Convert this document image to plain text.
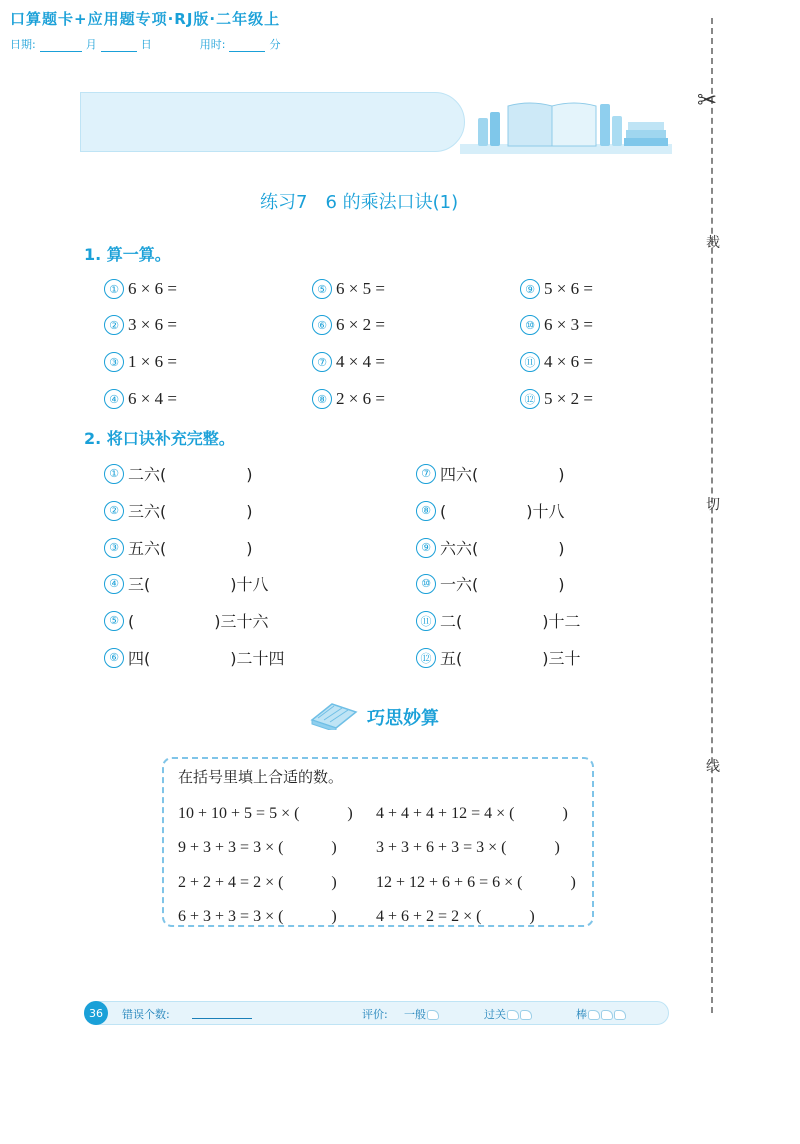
口算题卡+应用题专项·RJ版·二年级上
日期:	月	日	用时:	分
✂
裁
切
线
练习7　6 的乘法口诀(1)
1. 算一算。
① 6 × 6 =	⑤ 6 × 5 =	⑨ 5 × 6 =
② 3 × 6 =	⑥ 6 × 2 =	⑩ 6 × 3 =
③ 1 × 6 =	⑦ 4 × 4 =	⑪ 4 × 6 =
④ 6 × 4 =	⑧ 2 × 6 =	⑫ 5 × 2 =
2. 将口诀补充完整。
① 二六(　　　　　)	⑦ 四六(　　　　　)
② 三六(　　　　　)	⑧ (　　　　　)十八
③ 五六(　　　　　)	⑨ 六六(　　　　　)
④ 三(　　　　　)十八	⑩ 一六(　　　　　)
⑤ (　　　　　)三十六	⑪ 二(　　　　　)十二
⑥ 四(　　　　　)二十四	⑫ 五(　　　　　)三十
巧思妙算
在括号里填上合适的数。
10 + 10 + 5 = 5 × (　　　) 4 + 4 + 4 + 12 = 4 × (　　　)
9 + 3 + 3 = 3 × (　　　) 3 + 3 + 6 + 3 = 3 × (　　　)
2 + 2 + 4 = 2 × (　　　) 12 + 12 + 6 + 6 = 6 × (　　　)
6 + 3 + 3 = 3 × (　　　) 4 + 6 + 2 = 2 × (　　　)
36	错误个数:	评价: 一般	过关	棒
